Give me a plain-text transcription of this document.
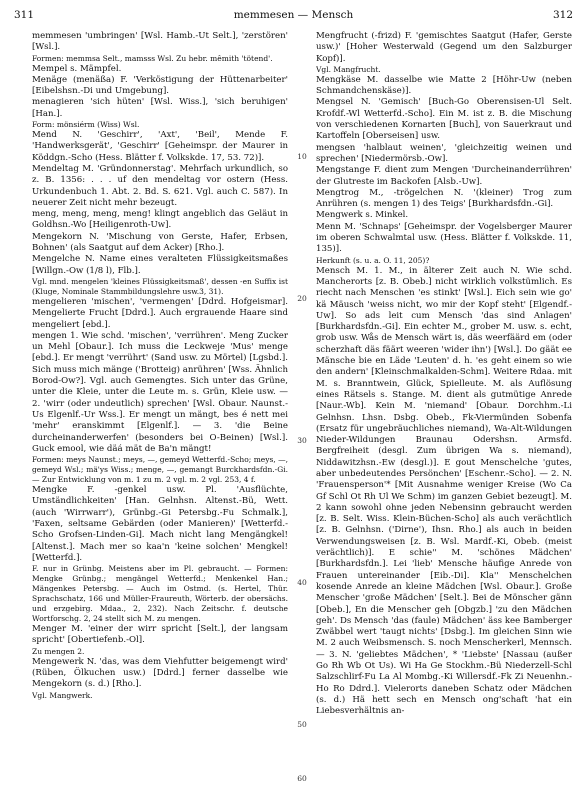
311	memmesen — Mensch	312

memmesen 'umbringen' [Wsl. Hamb.-Ut Selt.], 'zerstören' [Wsl.].

Formen: memmsa Selt., mamsss Wsl. Zu hebr. mêmith 'tötend'.

Mempel s. Mämpfel.

Menäge (menäßa) F. 'Verköstigung der Hüttenarbeiter' [Eibelshsn.-Di und Umgebung].

menagieren 'sich hüten' [Wsl. Wiss.], 'sich beruhigen' [Han.].

Form: mönsiérm (Wiss) Wsl.

Mend N. 'Geschirr', 'Axt', 'Beil', Mende F. 'Handwerksgerät', 'Geschirr' [Geheimspr. der Maurer in Köddgn.-Scho (Hess. Blätter f. Volkskde. 17, 53. 72)].

Mendeltag M. 'Gründonnerstag'. Mehrfach urkundlich, so z. B. 1356: . . . uf den mendeltag vor ostern (Hess. Urkundenbuch 1. Abt. 2. Bd. S. 621. Vgl. auch C. 587). In neuerer Zeit nicht mehr bezeugt.

meng, meng, meng, meng! klingt angeblich das Geläut in Goldhsn.-Wo [Heiligenroth-Uw].

Mengekorn N. 'Mischung von Gerste, Hafer, Erbsen, Bohnen' (als Saatgut auf dem Acker) [Rho.].

Mengelche N. Name eines veralteten Flüssigkeitsmaßes [Willgn.-Ow (1/8 l), Flb.].

Vgl. mnd. mengelen 'kleines Flüssigkeitsmaß', dessen -en Suffix ist (Kluge, Nominale Stammbildungslehre usw.3, 31).

mengelieren 'mischen', 'vermengen' [Ddrd. Hofgeismar]. Mengelierte Frucht [Ddrd.]. Auch ergrauende Haare sind mengeliert [ebd.].

mengen 1. Wie schd. 'mischen', 'verrühren'. Meng Zucker un Mehl [Obaur.]. Ich muss die Leckweje 'Mus' menge [ebd.]. Er mengt 'verrührt' (Sand usw. zu Mörtel) [Lgsbd.]. Sich muss mich mänge ('Brotteig) anrühren' [Wss. Ähnlich Borod-Ow?]. Vgl. auch Gemengtes. Sich unter das Grüne, unter die Kleie, unter die Leute m. s. Grün, Kleie usw. — 2. 'wirr (oder undeutlich) sprechen' [Wsl. Obaur. Naunst.-Us Elgenlf.-Ur Wss.]. Er mengt un mängt, bes é nett mei 'mehr' eranskimmt [Elgenlf.]. — 3. 'die Beine durcheinanderwerfen' (besonders bei O-Beinen) [Wsl.]. Guck emool, wie däá mät de Ba'n mängt!

Formen: meys Naunst.; meys, —, gemeyd Wetterfd.-Scho; meys, —, gemeyd Wsl.; mä'ys Wiss.; menge, —, gemangt Burckhardsfdn.-Gi. — Zur Entwicklung von m. 1 zu m. 2 vgl. m. 2 vgl. 253, 4 f.

Mengke F. -genkel usw. Pl. 'Ausflüchte, Umständlichkeiten' [Han. Gelnhsn. Altenst.-Bü, Wett. (auch 'Wirrwarr'), Grünbg.-Gi Petersbg.-Fu Schmalk.], 'Faxen, seltsame Gebärden (oder Manieren)' [Wetterfd.-Scho Grofsen-Linden-Gi]. Mach nicht lang Mengängkel! [Altenst.]. Mach mer so kaa'n 'keine solchen' Mengkel! [Wetterfd.].

F. nur in Grünbg. Meistens aber im Pl. gebraucht. — Formen: Mengke Grünbg.; mengängel Wetterfd.; Menkenkel Han.; Mängenkes Petersbg. — Auch im Ostmd. (s. Hertel, Thür. Sprachschatz, 166 und Müller-Fraureuth, Wörterb. der obersächs. und erzgebirg. Mdaa., 2, 232). Nach Zeitschr. f. deutsche Wortforschg. 2, 24 stellt sich M. zu mengen.

Menger M. 'einer der wirr spricht [Selt.], der langsam spricht' [Obertiefenb.-Ol].

Zu mengen 2.

Mengewerk N. 'das, was dem Viehfutter beigemengt wird' (Rüben, Ölkuchen usw.) [Ddrd.] ferner dasselbe wie Mengekorn (s. d.) [Rho.].

Vgl. Mangwerk.

10
20
30
40
50
60

Mengfrucht (-frizd) F. 'gemischtes Saatgut (Hafer, Gerste usw.)' [Hoher Westerwald (Gegend um den Salzburger Kopf)].

Vgl. Mangfrucht.

Mengkäse M. dasselbe wie Matte 2 [Höhr-Uw (neben Schmandchenskäse)].

Mengsel N. 'Gemisch' [Buch-Go Oberensisen-Ul Selt. Krofdf.-Wl Wetterfd.-Scho]. Ein M. ist z. B. die Mischung von verschiedenen Kornarten [Buch], von Sauerkraut und Kartoffeln [Oberseisen] usw.

mengsen 'halblaut weinen', 'gleichzeitig weinen und sprechen' [Niedermörsb.-Ow].

Mengstange F. dient zum Mengen 'Durcheinanderrühren' der Glutreste im Backofen [Alsb.-Uw].

Mengtrog M., -trögelchen N. '(kleiner) Trog zum Anrühren (s. mengen 1) des Teigs' [Burkhardsfdn.-Gi].

Mengwerk s. Minkel.

Menn M. 'Schnaps' [Geheimspr. der Vogelsberger Maurer im oberen Schwalmtal usw. (Hess. Blätter f. Volkskde. 11, 135)].

Herkunft (s. u. a. O. 11, 205)?

Mensch M. 1. M., in älterer Zeit auch N. Wie schd. Mancherorts [z. B. Obeb.] nicht wirklich volkstümlich. Es riecht nach Menschen 'es stinkt' [Wsl.]. Eich sein wie go' kä Mäusch 'weiss nicht, wo mir der Kopf steht' [Elgendf.-Uw]. So ads leit cum Mensch 'das sind Anlagen' [Burkhardsfdn.-Gi]. Ein echter M., grober M. usw. s. echt, grob usw. Wås de Mensch wärt is, däs weerfäärd em (oder scherzhaft däs fäärt weeren 'wider ihn') [Wsl.]. Do gäät ee Mänsche bie en Läde 'Leuten' d. h. 'es geht einem so wie den andern' [Kleinschmalkalden-Schm]. Weitere Rdaa. mit M. s. Branntwein, Glück, Spielleute. M. als Auflösung eines Rätsels s. Stange. M. dient als gutmütige Anrede [Naur.-Wb]. Kein M. 'niemand' [Obaur. Dorchhm.-Li Gelnhsn. Lhsn. Dsbg. Obeb., Fk-Viermünden Sobenfa (Ersatz für ungebräuchliches niemand), Wa-Alt-Wildungen Nieder-Wildungen Braunau Odershsn. Armsfd. Bergfreiheit (desgl. Zum übrigen Wa s. niemand), Niddawitzhsn.-Ew (desgl.)]. E gout Menschelche 'gutes, aber unbedeutendes Persönchen' [Eschenr.-Scho]. — 2. N. 'Frauensperson'* [Mit Ausnahme weniger Kreise (Wo Ca Gf Schl Ot Rh Ul We Schm) im ganzen Gebiet bezeugt]. M. 2 kann sowohl ohne jeden Nebensinn gebraucht werden [z. B. Selt. Wiss. Klein-Büchen-Scho] als auch verächtlich [z. B. Gelnhsn. ('Dirne'), Ihsn. Rho.] als auch in beiden Verwendungsweisen [z. B. Wsl. Mardf.-Ki, Obeb. (meist verächtlich)]. E schie'' M. 'schönes Mädchen' [Burkhardsfdn.]. Lei 'lieb' Mensche häufige Anrede von Frauen untereinander [Eib.-Di]. Kla'' Menschelchen kosende Anrede an kleine Mädchen [Wsl. Obaur.]. Große Menscher 'große Mädchen' [Selt.]. Bei de Mönscher gänn [Obeb.], En die Menscher geh [Obgzb.] 'zu den Mädchen geh'. Ds Mensch 'das (faule) Mädchen' äss kee Bamberger Zwäbbel wert 'taugt nichts' [Dsbg.]. Im gleichen Sinn wie M. 2 auch Weibsmensch. S. noch Menscherkerl, Mennsch. — 3. N. 'geliebtes Mädchen', * 'Liebste' [Nassau (außer Go Rh Wb Ot Us). Wi Ha Ge Stockhm.-Bü Niederzell-Schl Salzschlirf-Fu La Al Mombg.-Ki Willersdf.-Fk Zi Neuenhn.-Ho Ro Ddrd.]. Vielerorts daneben Schatz oder Mädchen (s. d.) Hä hett sech en Mensch ong'schaft 'hat ein Liebesverhältnis an-
